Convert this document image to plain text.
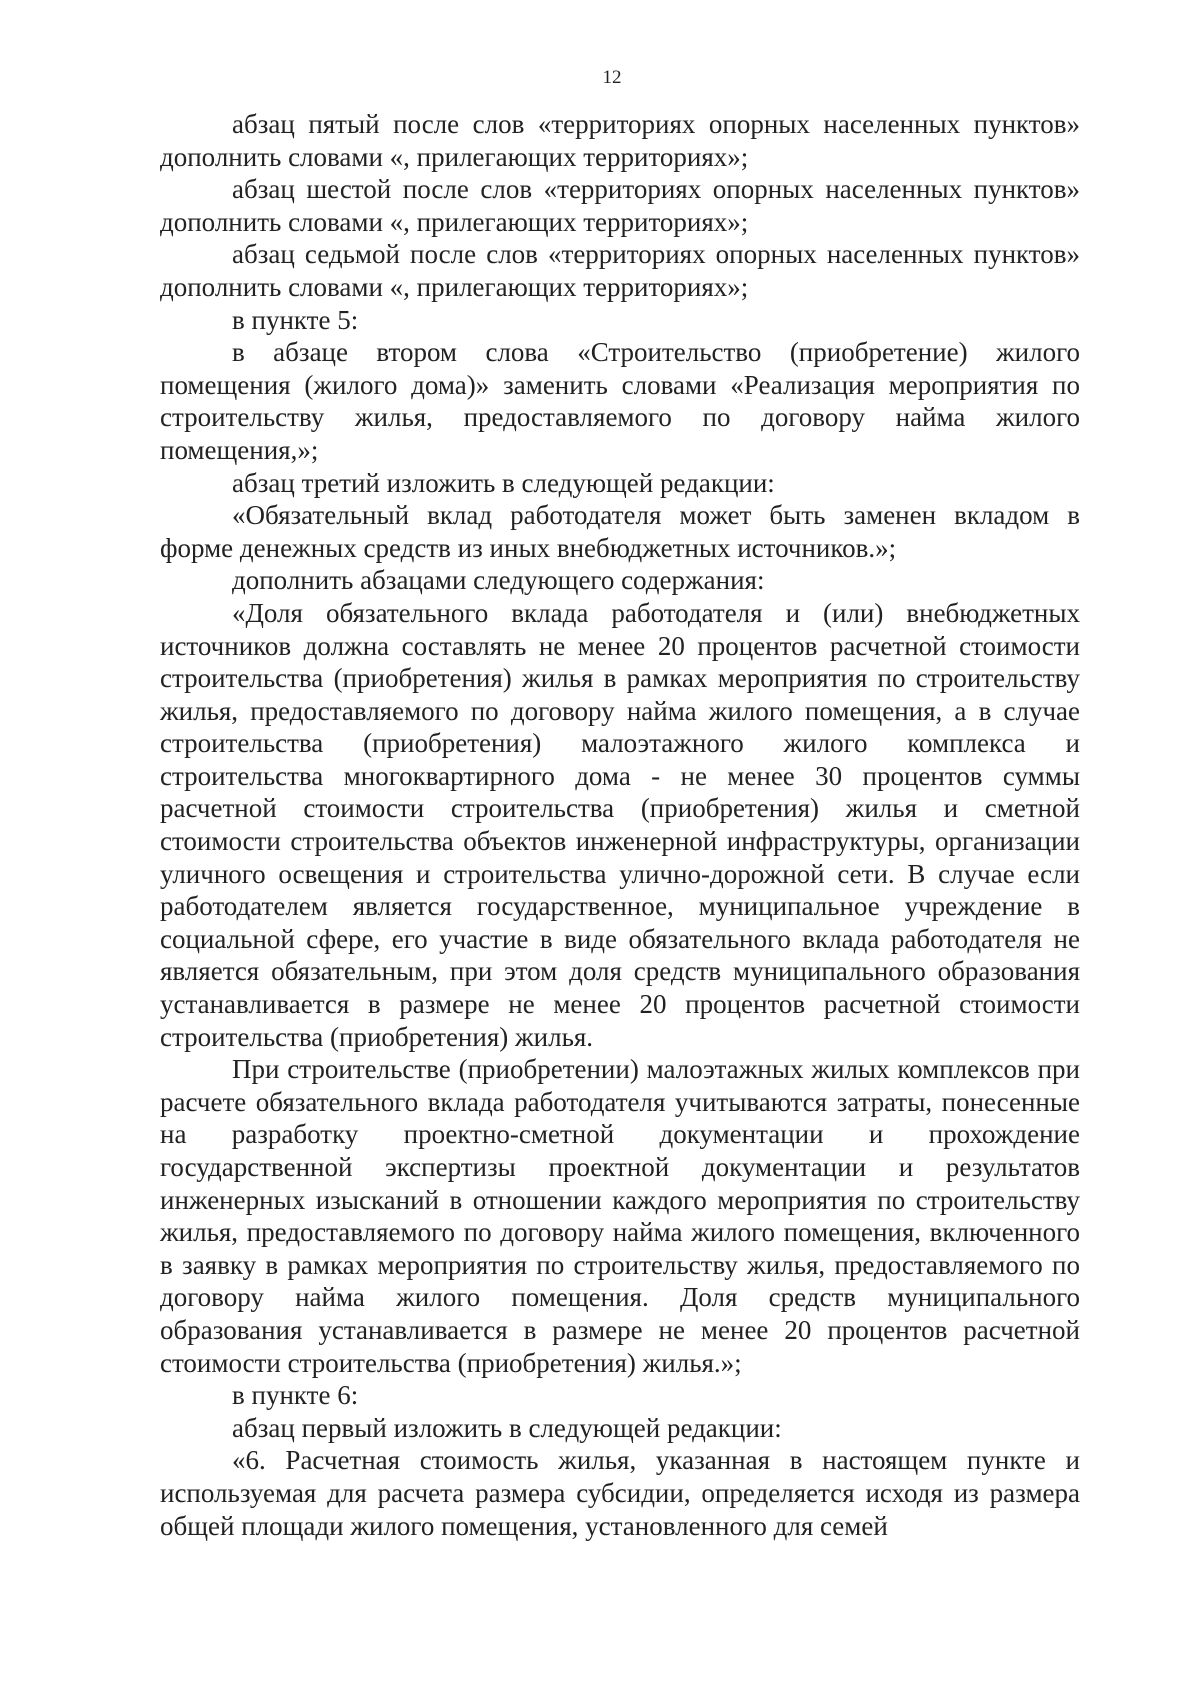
12

абзац пятый после слов «территориях опорных населенных пунктов» дополнить словами «, прилегающих территориях»;

абзац шестой после слов «территориях опорных населенных пунктов» дополнить словами «, прилегающих территориях»;

абзац седьмой после слов «территориях опорных населенных пунктов» дополнить словами «, прилегающих территориях»;

в пункте 5:

в абзаце втором слова «Строительство (приобретение) жилого помещения (жилого дома)» заменить словами «Реализация мероприятия по строительству жилья, предоставляемого по договору найма жилого помещения,»;

абзац третий изложить в следующей редакции:

«Обязательный вклад работодателя может быть заменен вкладом в форме денежных средств из иных внебюджетных источников.»;

дополнить абзацами следующего содержания:

«Доля обязательного вклада работодателя и (или) внебюджетных источников должна составлять не менее 20 процентов расчетной стоимости строительства (приобретения) жилья в рамках мероприятия по строительству жилья, предоставляемого по договору найма жилого помещения, а в случае строительства (приобретения) малоэтажного жилого комплекса и строительства многоквартирного дома - не менее 30 процентов суммы расчетной стоимости строительства (приобретения) жилья и сметной стоимости строительства объектов инженерной инфраструктуры, организации уличного освещения и строительства улично-дорожной сети. В случае если работодателем является государственное, муниципальное учреждение в социальной сфере, его участие в виде обязательного вклада работодателя не является обязательным, при этом доля средств муниципального образования устанавливается в размере не менее 20 процентов расчетной стоимости строительства (приобретения) жилья.

При строительстве (приобретении) малоэтажных жилых комплексов при расчете обязательного вклада работодателя учитываются затраты, понесенные на разработку проектно-сметной документации и прохождение государственной экспертизы проектной документации и результатов инженерных изысканий в отношении каждого мероприятия по строительству жилья, предоставляемого по договору найма жилого помещения, включенного в заявку в рамках мероприятия по строительству жилья, предоставляемого по договору найма жилого помещения. Доля средств муниципального образования устанавливается в размере не менее 20 процентов расчетной стоимости строительства (приобретения) жилья.»;

в пункте 6:

абзац первый изложить в следующей редакции:

«6. Расчетная стоимость жилья, указанная в настоящем пункте и используемая для расчета размера субсидии, определяется исходя из размера общей площади жилого помещения, установленного для семей
